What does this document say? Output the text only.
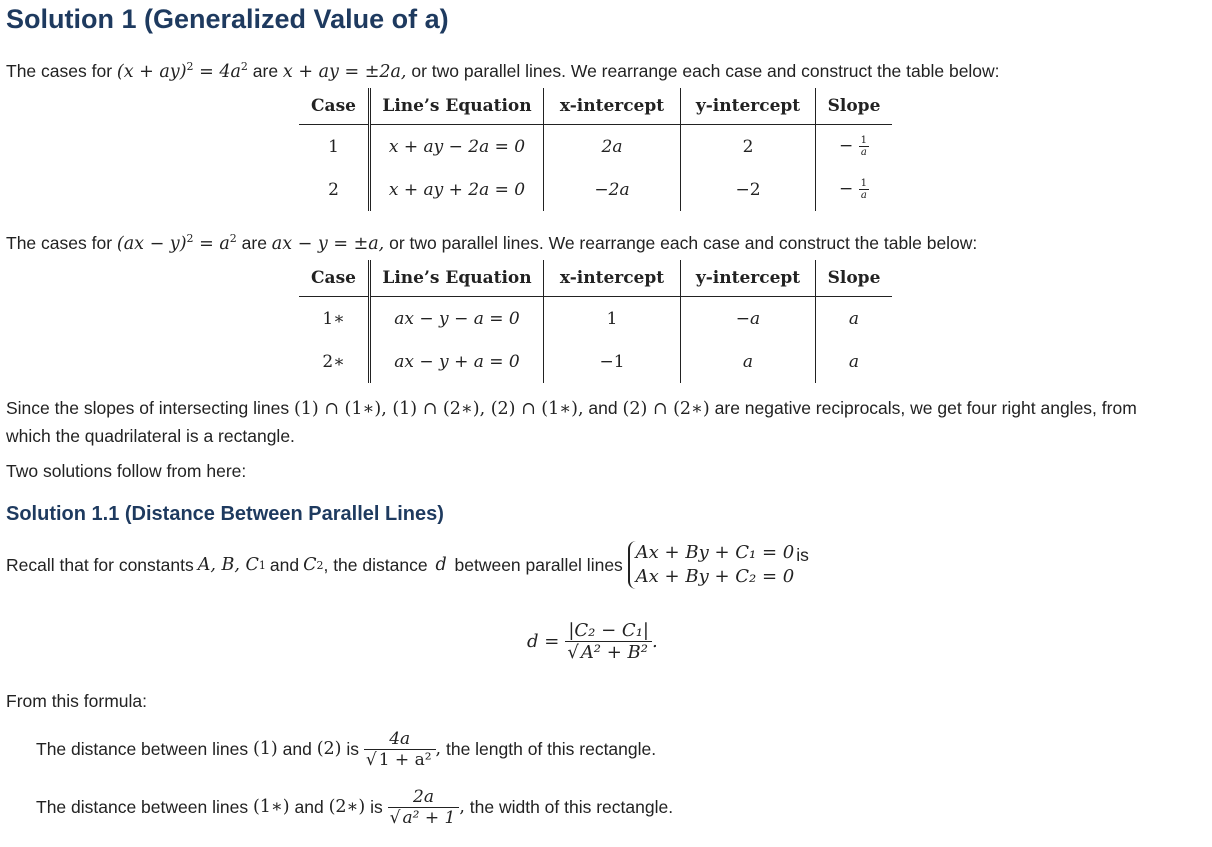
Solution 1 (Generalized Value of a)

The cases for $(x + ay)^2 = 4a^2$ are x + ay = ±2a, or two parallel lines. We rearrange each case and construct the table below:

Case	Line’s Equation	x-intercept	y-intercept	Slope
1	x + ay − 2a = 0	2a	2	− $\frac{1}{a}$

2	x + ay + 2a = 0	−2a	−2	− $\frac{1}{a}$

The cases for $(ax - y)^2 = a^2$ are ax − y = ±a, or two parallel lines. We rearrange each case and construct the table below:

Case	Line’s Equation	x-intercept	y-intercept	Slope
1∗	ax − y − a = 0	1	−a	a
2∗	ax − y + a = 0	−1	a	a

Since the slopes of intersecting lines (1) ∩ (1∗), (1) ∩ (2∗), (2) ∩ (1∗), and (2) ∩ (2∗) are negative reciprocals, we get four right angles, from which the quadrilateral is a rectangle.

Two solutions follow from here:

Solution 1.1 (Distance Between Parallel Lines)
Recall that for constants A, B, C 1 and C 2 , the distance d between parallel lines
Ax + By + C₁ = 0
Ax + By + C₂ = 0
is
$d = \frac{\text{|C₂ − C₁|}}{\text{√ A² + B²}}$ .

From this formula:

The distance between lines (1) and (2) is $\frac{4a}{\text{√ 1 + a²}}$ , the length of this rectangle.
The distance between lines (1∗) and (2∗) is $\frac{2a}{\text{√ a² + 1}}$ , the width of this rectangle.
